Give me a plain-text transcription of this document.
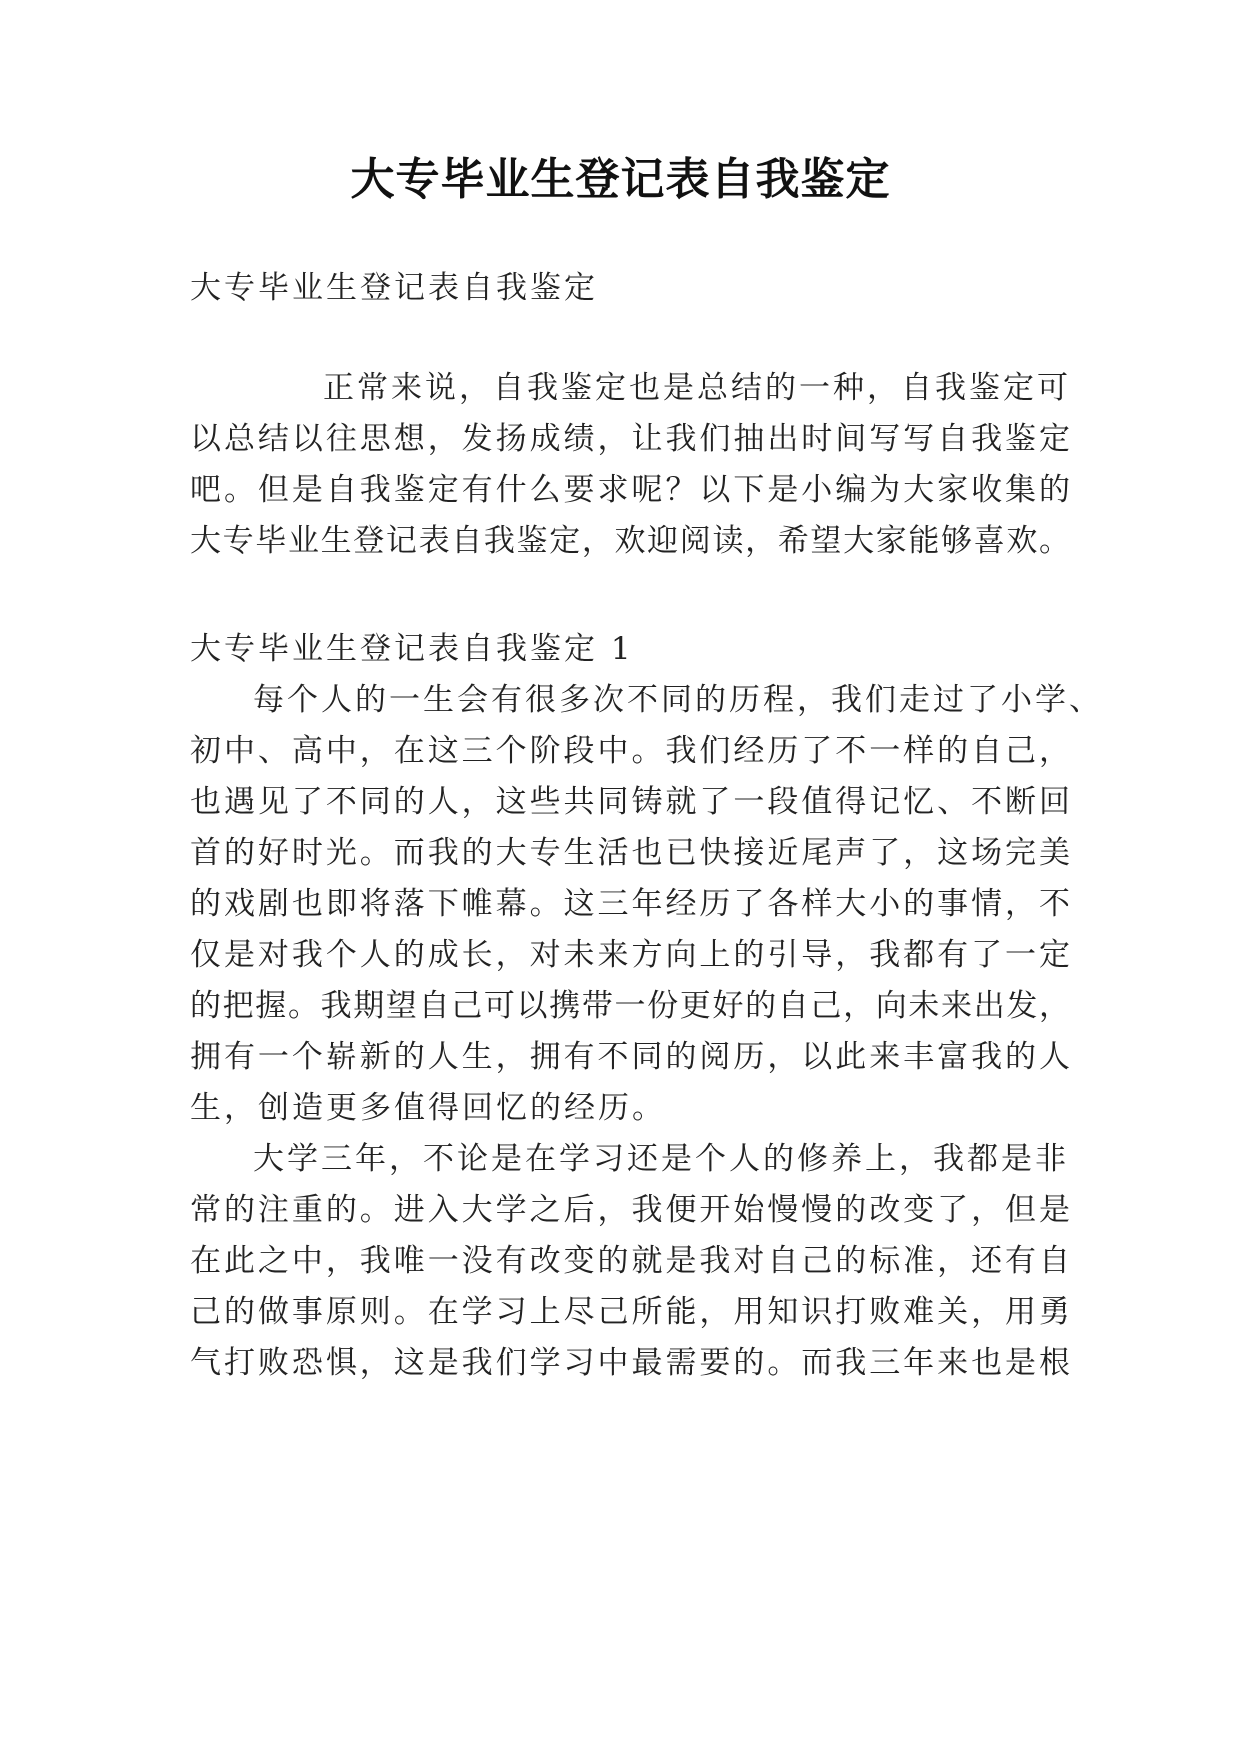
大专毕业生登记表自我鉴定
大专毕业生登记表自我鉴定
正常来说，自我鉴定也是总结的一种，自我鉴定可
以总结以往思想，发扬成绩，让我们抽出时间写写自我鉴定
吧。但是自我鉴定有什么要求呢？以下是小编为大家收集的
大专毕业生登记表自我鉴定，欢迎阅读，希望大家能够喜欢。
大专毕业生登记表自我鉴定 1
每个人的一生会有很多次不同的历程，我们走过了小学、
初中、高中，在这三个阶段中。我们经历了不一样的自己，
也遇见了不同的人，这些共同铸就了一段值得记忆、不断回
首的好时光。而我的大专生活也已快接近尾声了，这场完美
的戏剧也即将落下帷幕。这三年经历了各样大小的事情，不
仅是对我个人的成长，对未来方向上的引导，我都有了一定
的把握。我期望自己可以携带一份更好的自己，向未来出发，
拥有一个崭新的人生，拥有不同的阅历，以此来丰富我的人
生，创造更多值得回忆的经历。
大学三年，不论是在学习还是个人的修养上，我都是非
常的注重的。进入大学之后，我便开始慢慢的改变了，但是
在此之中，我唯一没有改变的就是我对自己的标准，还有自
己的做事原则。在学习上尽己所能，用知识打败难关，用勇
气打败恐惧，这是我们学习中最需要的。而我三年来也是根
